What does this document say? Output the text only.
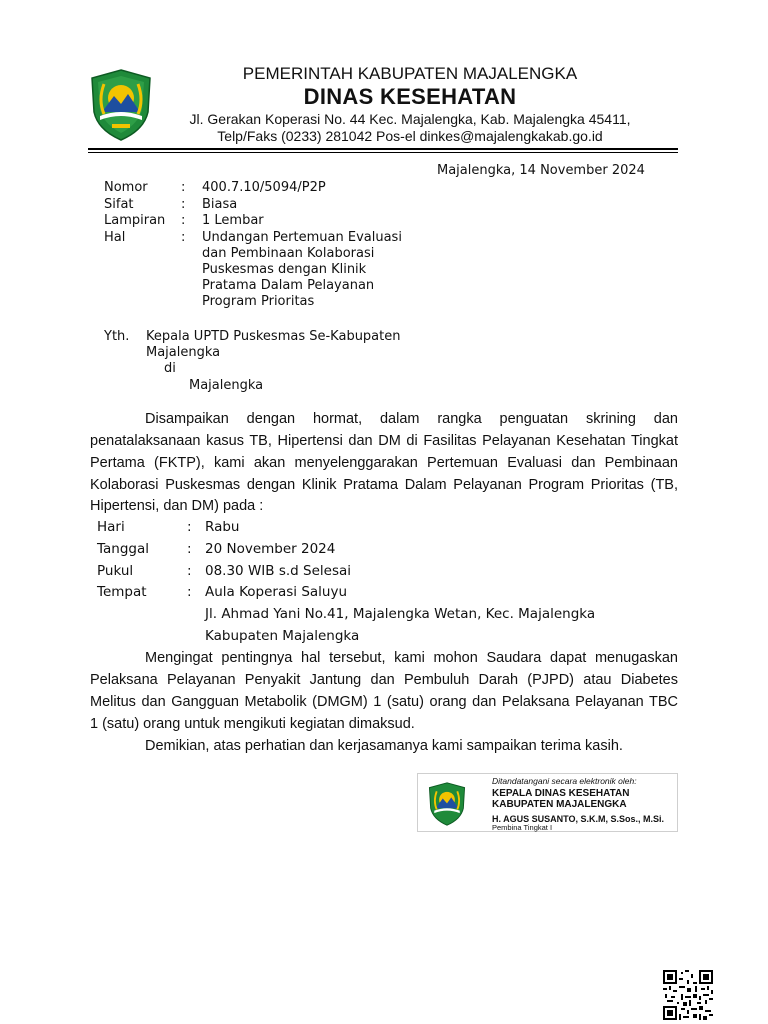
PEMERINTAH KABUPATEN MAJALENGKA
DINAS KESEHATAN
Jl. Gerakan Koperasi No. 44 Kec. Majalengka, Kab. Majalengka 45411,
Telp/Faks (0233) 281042 Pos-el dinkes@majalengkakab.go.id
Majalengka, 14 November 2024
Nomor	: 400.7.10/5094/P2P
Sifat	: Biasa
Lampiran : 1 Lembar
Hal	: Undangan Pertemuan Evaluasi
dan Pembinaan Kolaborasi
Puskesmas dengan Klinik
Pratama Dalam Pelayanan
Program Prioritas
Yth. Kepala UPTD Puskesmas Se-Kabupaten
Majalengka
di
Majalengka
Disampaikan dengan hormat, dalam rangka penguatan skrining dan
penatalaksanaan kasus TB, Hipertensi dan DM di Fasilitas Pelayanan Kesehatan Tingkat
Pertama (FKTP), kami akan menyelenggarakan Pertemuan Evaluasi dan Pembinaan
Kolaborasi Puskesmas dengan Klinik Pratama Dalam Pelayanan Program Prioritas (TB,
Hipertensi, dan DM) pada :
Hari	: Rabu
Tanggal	: 20 November 2024
Pukul	: 08.30 WIB s.d Selesai
Tempat	: Aula Koperasi Saluyu
Jl. Ahmad Yani No.41, Majalengka Wetan, Kec. Majalengka
Kabupaten Majalengka
Mengingat pentingnya hal tersebut, kami mohon Saudara dapat menugaskan
Pelaksana Pelayanan Penyakit Jantung dan Pembuluh Darah (PJPD) atau Diabetes
Melitus dan Gangguan Metabolik (DMGM) 1 (satu) orang dan Pelaksana Pelayanan TBC
1 (satu) orang untuk mengikuti kegiatan dimaksud.
Demikian, atas perhatian dan kerjasamanya kami sampaikan terima kasih.
Ditandatangani secara elektronik oleh:
KEPALA DINAS KESEHATAN
KABUPATEN MAJALENGKA
H. AGUS SUSANTO, S.K.M, S.Sos., M.Si.
Pembina Tingkat I
